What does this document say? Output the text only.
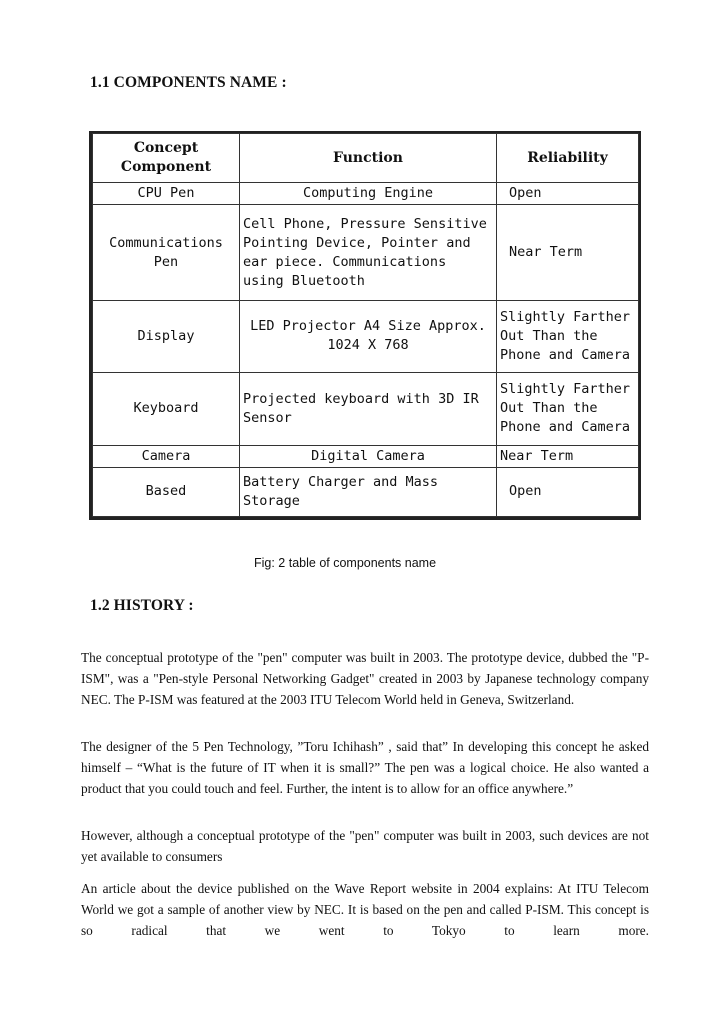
1.1 COMPONENTS NAME :
Concept Component	Function	Reliability
CPU Pen	Computing Engine	Open
Communications Pen	Cell Phone, Pressure Sensitive Pointing Device, Pointer and ear piece. Communications using Bluetooth	Near Term
Display	LED Projector A4 Size Approx. 1024 X 768	Slightly Farther Out Than the Phone and Camera
Keyboard	Projected keyboard with 3D IR Sensor	Slightly Farther Out Than the Phone and Camera
Camera	Digital Camera	Near Term
Based	Battery Charger and Mass Storage	Open
Fig: 2 table of components name
1.2 HISTORY :
The conceptual prototype of the "pen" computer was built in 2003. The prototype device, dubbed the "P-ISM", was a "Pen-style Personal Networking Gadget" created in 2003 by Japanese technology company NEC. The P-ISM was featured at the 2003 ITU Telecom World held in Geneva, Switzerland.
The designer of the 5 Pen Technology, ”Toru Ichihash” , said that” In developing this concept he asked himself – “What is the future of IT when it is small?” The pen was a logical choice. He also wanted a product that you could touch and feel. Further, the intent is to allow for an office anywhere.”
However, although a conceptual prototype of the "pen" computer was built in 2003, such devices are not yet available to consumers
An article about the device published on the Wave Report website in 2004 explains: At ITU Telecom World we got a sample of another view by NEC. It is based on the pen and called P-ISM. This concept is so radical that we went to Tokyo to learn more.
